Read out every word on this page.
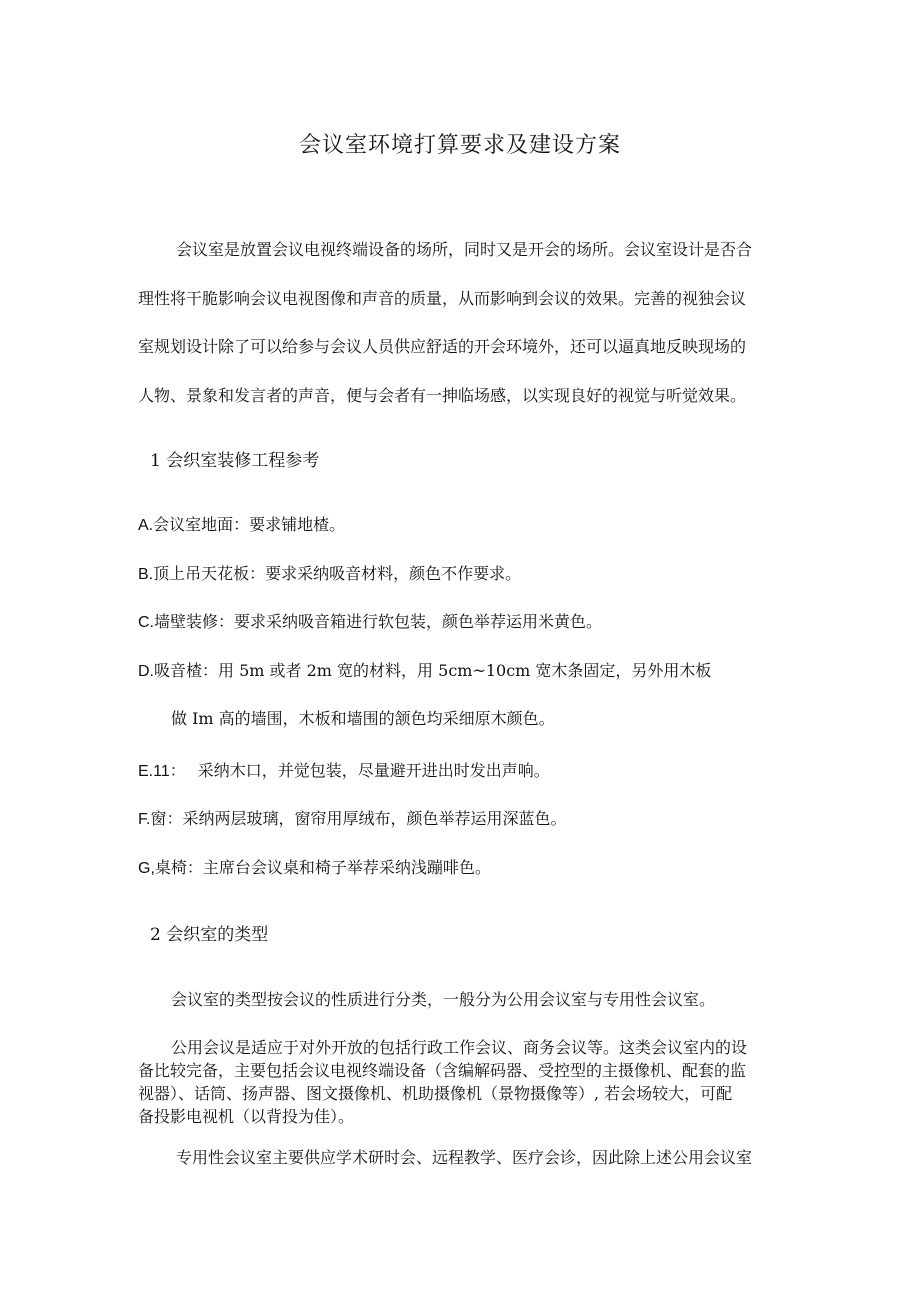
会议室环境打算要求及建设方案
会议室是放置会议电视终端设备的场所，同时又是开会的场所。会议室设计是否合
理性将干脆影响会议电视图像和声音的质量，从而影响到会议的效果。完善的视独会议
室规划设计除了可以给参与会议人员供应舒适的开会环境外，还可以逼真地反映现场的
人物、景象和发言者的声音，便与会者有一抻临场感，以实现良好的视觉与听觉效果。
1 会织室装修工程参考
A.会议室地面：要求铺地楂。
B.顶上吊天花板：要求采纳吸音材料，颜色不作要求。
C.墙壁装修：要求采纳吸音箱进行软包装，颜色举荐运用米黄色。
D.吸音楂：用 5m 或者 2m 宽的材料，用 5cm~10cm 宽木条固定，另外用木板
做 Im 高的墙围，木板和墙围的颔色均采细原木颜色。
E.11： 采纳木口，并觉包装，尽量避开进出时发出声响。
F.窗：采纳两层玻璃，窗帘用厚绒布，颜色举荐运用深蓝色。
G,桌椅：主席台会议桌和椅子举荐采纳浅蹦啡色。
2 会织室的类型
会议室的类型按会议的性质进行分类，一般分为公用会议室与专用性会议室。
公用会议是适应于对外开放的包括行政工作会议、商务会议等。这类会议室内的设
备比较完备，主要包括会议电视终端设备（含编解码器、受控型的主摄像机、配套的监
视器）、话筒、扬声器、图文摄像机、机助摄像机（景物摄像等）, 若会场较大，可配
备投影电视机（以背投为佳）。
专用性会议室主要供应学术研时会、远程教学、医疗会诊，因此除上述公用会议室
